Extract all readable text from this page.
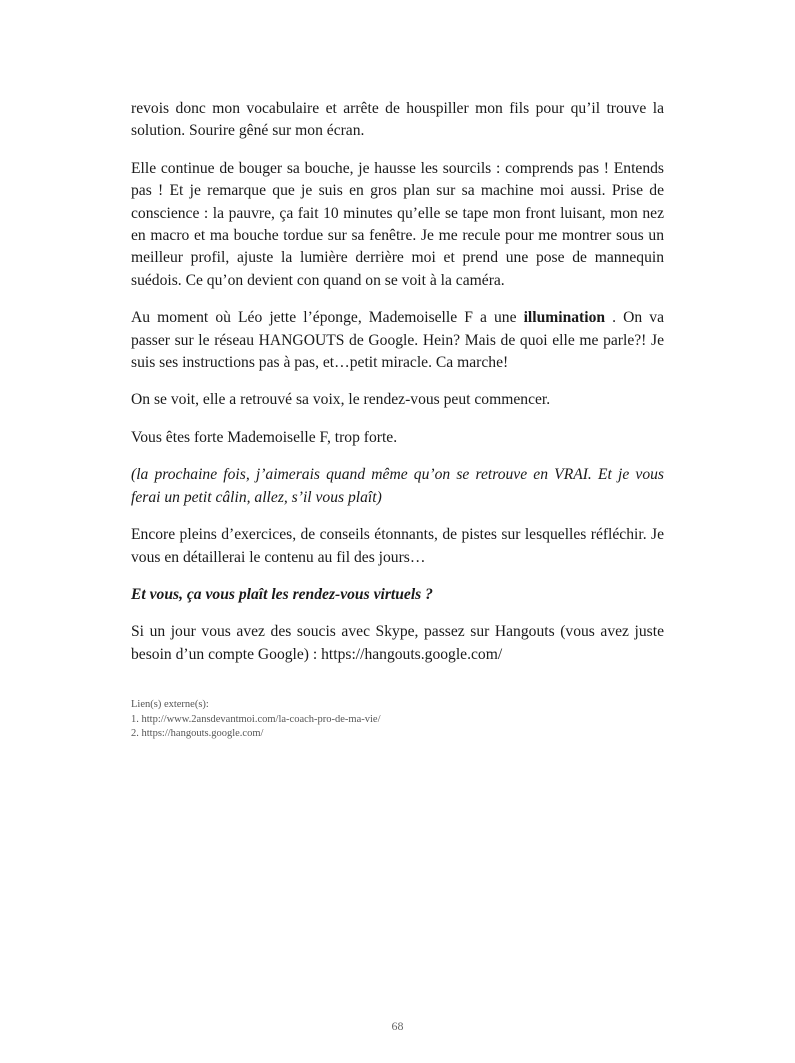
revois donc mon vocabulaire et arrête de houspiller mon fils pour qu’il trouve la solution. Sourire gêné sur mon écran.

Elle continue de bouger sa bouche, je hausse les sourcils : comprends pas ! Entends pas ! Et je remarque que je suis en gros plan sur sa machine moi aussi. Prise de conscience : la pauvre, ça fait 10 minutes qu’elle se tape mon front luisant, mon nez en macro et ma bouche tordue sur sa fenêtre. Je me recule pour me montrer sous un meilleur profil, ajuste la lumière derrière moi et prend une pose de mannequin suédois. Ce qu’on devient con quand on se voit à la caméra.

Au moment où Léo jette l’éponge, Mademoiselle F a une illumination . On va passer sur le réseau HANGOUTS de Google. Hein? Mais de quoi elle me parle?! Je suis ses instructions pas à pas, et…petit miracle. Ca marche!

On se voit, elle a retrouvé sa voix, le rendez-vous peut commencer.

Vous êtes forte Mademoiselle F, trop forte.

(la prochaine fois, j’aimerais quand même qu’on se retrouve en VRAI. Et je vous ferai un petit câlin, allez, s’il vous plaît)

Encore pleins d’exercices, de conseils étonnants, de pistes sur lesquelles réfléchir. Je vous en détaillerai le contenu au fil des jours…

Et vous, ça vous plaît les rendez-vous virtuels ?

Si un jour vous avez des soucis avec Skype, passez sur Hangouts (vous avez juste besoin d’un compte Google) : https://hangouts.google.com/

Lien(s) externe(s):
1. http://www.2ansdevantmoi.com/la-coach-pro-de-ma-vie/
2. https://hangouts.google.com/
68
